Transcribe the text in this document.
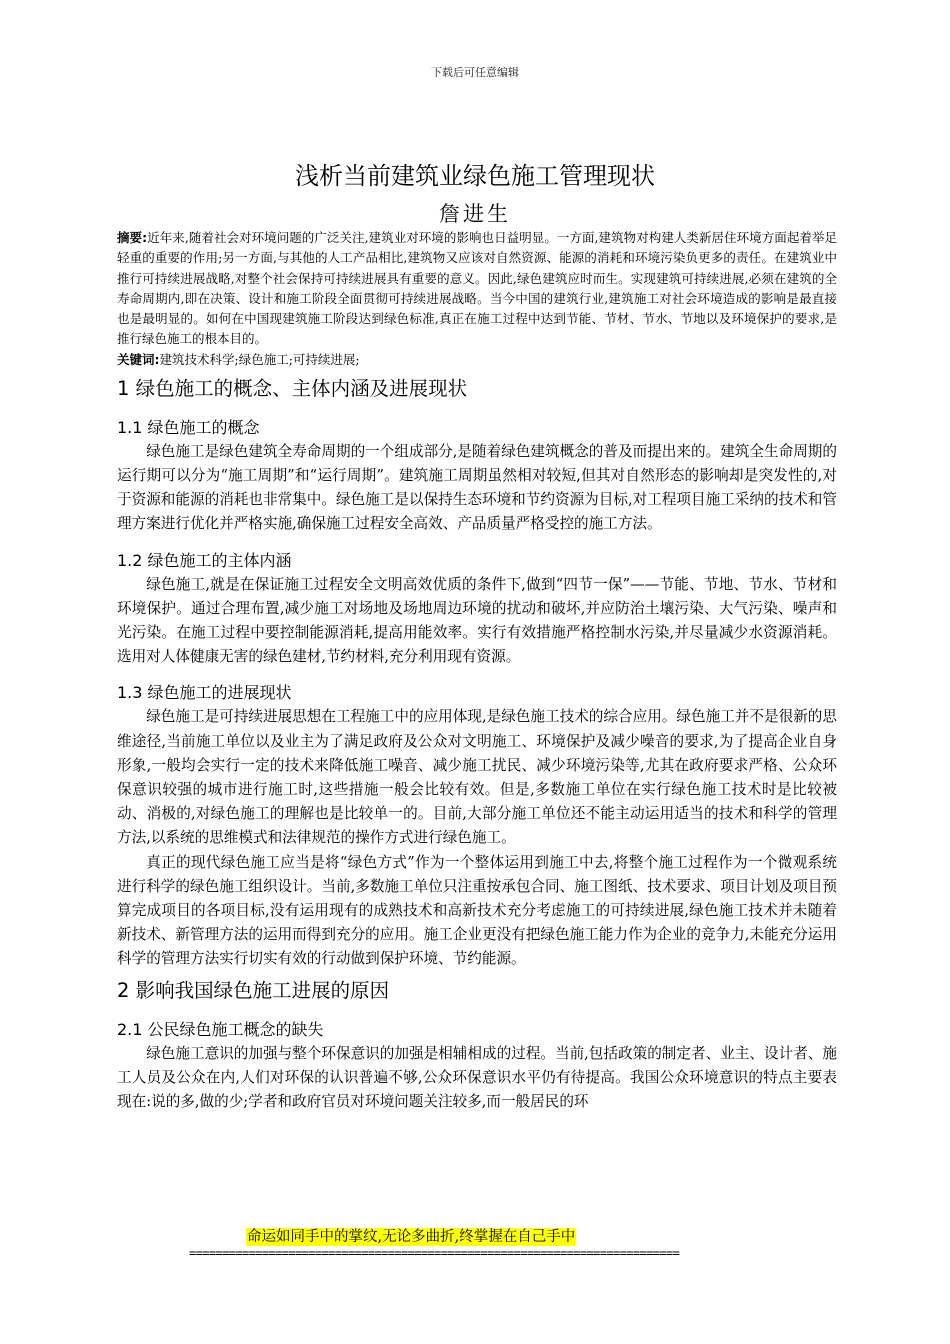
下载后可任意编辑
浅析当前建筑业绿色施工管理现状
詹进生

摘要:近年来,随着社会对环境问题的广泛关注,建筑业对环境的影响也日益明显。一方面,建筑物对构建人类新居住环境方面起着举足轻重的重要的作用;另一方面,与其他的人工产品相比,建筑物又应该对自然资源、能源的消耗和环境污染负更多的责任。在建筑业中推行可持续进展战略,对整个社会保持可持续进展具有重要的意义。因此,绿色建筑应时而生。实现建筑可持续进展,必须在建筑的全寿命周期内,即在决策、设计和施工阶段全面贯彻可持续进展战略。当今中国的建筑行业,建筑施工对社会环境造成的影响是最直接也是最明显的。如何在中国现建筑施工阶段达到绿色标准,真正在施工过程中达到节能、节材、节水、节地以及环境保护的要求,是推行绿色施工的根本目的。

关键词:建筑技术科学;绿色施工;可持续进展;

1 绿色施工的概念、主体内涵及进展现状
1.1 绿色施工的概念

绿色施工是绿色建筑全寿命周期的一个组成部分,是随着绿色建筑概念的普及而提出来的。建筑全生命周期的运行期可以分为“施工周期”和“运行周期”。建筑施工周期虽然相对较短,但其对自然形态的影响却是突发性的,对于资源和能源的消耗也非常集中。绿色施工是以保持生态环境和节约资源为目标,对工程项目施工采纳的技术和管理方案进行优化并严格实施,确保施工过程安全高效、产品质量严格受控的施工方法。

1.2 绿色施工的主体内涵

绿色施工,就是在保证施工过程安全文明高效优质的条件下,做到“四节一保”——节能、节地、节水、节材和环境保护。通过合理布置,减少施工对场地及场地周边环境的扰动和破坏,并应防治土壤污染、大气污染、噪声和光污染。在施工过程中要控制能源消耗,提高用能效率。实行有效措施严格控制水污染,并尽量减少水资源消耗。选用对人体健康无害的绿色建材,节约材料,充分利用现有资源。

1.3 绿色施工的进展现状

绿色施工是可持续进展思想在工程施工中的应用体现,是绿色施工技术的综合应用。绿色施工并不是很新的思维途径,当前施工单位以及业主为了满足政府及公众对文明施工、环境保护及减少噪音的要求,为了提高企业自身形象,一般均会实行一定的技术来降低施工噪音、减少施工扰民、减少环境污染等,尤其在政府要求严格、公众环保意识较强的城市进行施工时,这些措施一般会比较有效。但是,多数施工单位在实行绿色施工技术时是比较被动、消极的,对绿色施工的理解也是比较单一的。目前,大部分施工单位还不能主动运用适当的技术和科学的管理方法,以系统的思维模式和法律规范的操作方式进行绿色施工。

真正的现代绿色施工应当是将“绿色方式”作为一个整体运用到施工中去,将整个施工过程作为一个微观系统进行科学的绿色施工组织设计。当前,多数施工单位只注重按承包合同、施工图纸、技术要求、项目计划及项目预算完成项目的各项目标,没有运用现有的成熟技术和高新技术充分考虑施工的可持续进展,绿色施工技术并未随着新技术、新管理方法的运用而得到充分的应用。施工企业更没有把绿色施工能力作为企业的竞争力,未能充分运用科学的管理方法实行切实有效的行动做到保护环境、节约能源。

2 影响我国绿色施工进展的原因
2.1 公民绿色施工概念的缺失

绿色施工意识的加强与整个环保意识的加强是相辅相成的过程。当前,包括政策的制定者、业主、设计者、施工人员及公众在内,人们对环保的认识普遍不够,公众环保意识水平仍有待提高。我国公众环境意识的特点主要表现在:说的多,做的少;学者和政府官员对环境问题关注较多,而一般居民的环

命运如同手中的掌纹,无论多曲折,终掌握在自己手中
==========================================================================
